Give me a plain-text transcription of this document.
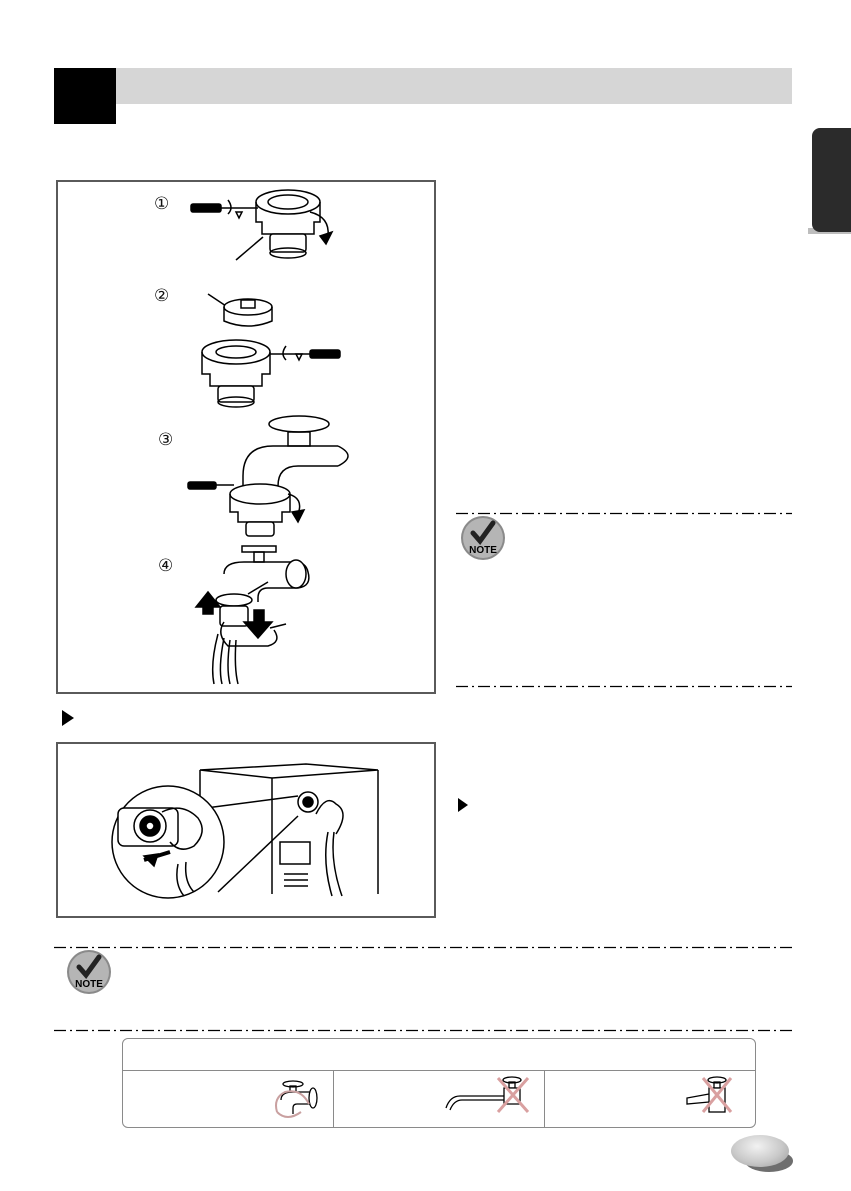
①
②
③
④
NOTE
NOTE
